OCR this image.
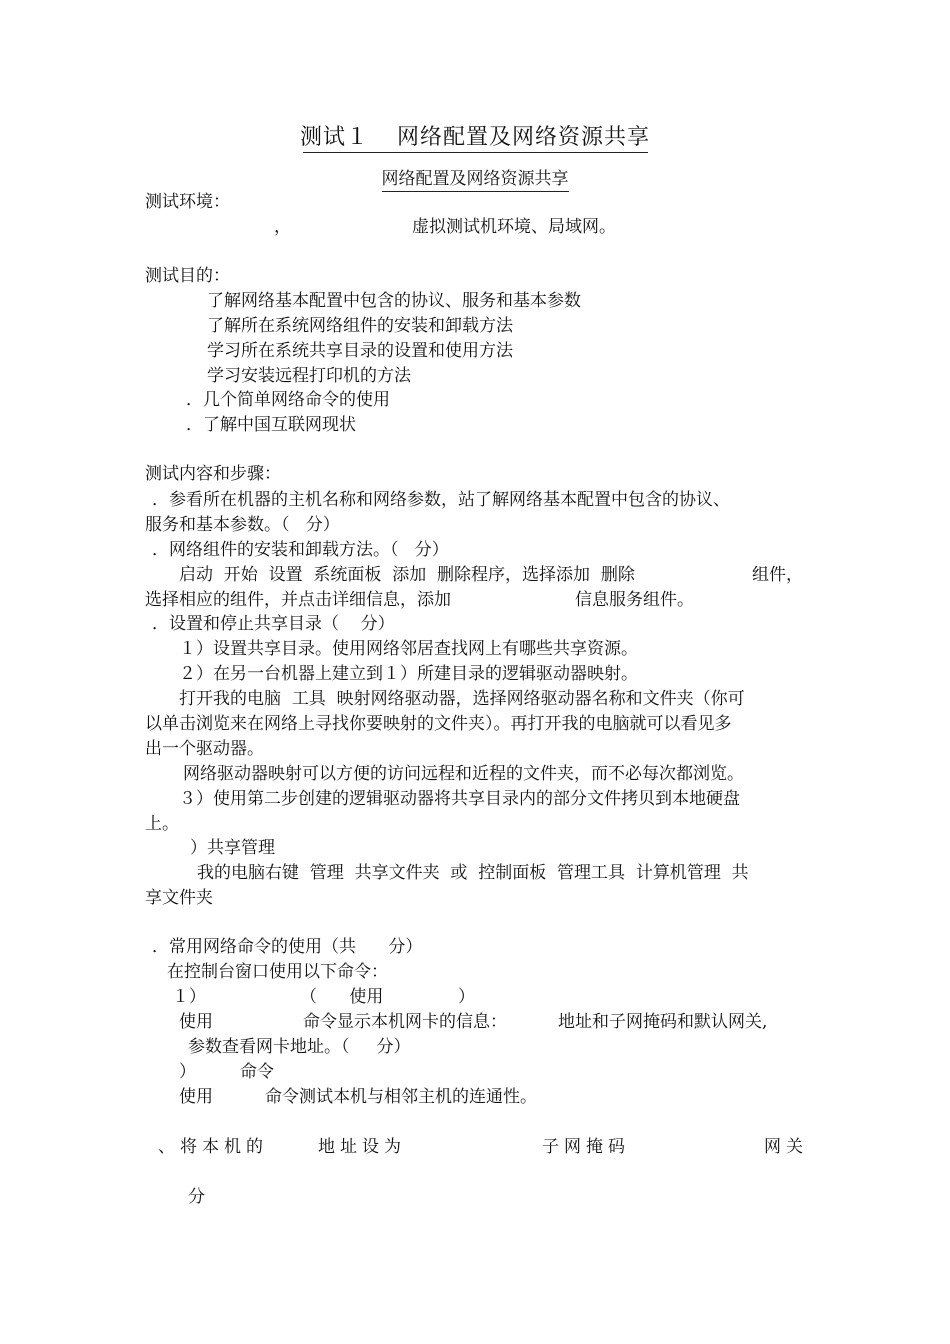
测试１ 网络配置及网络资源共享
网络配置及网络资源共享
测试环境：
，	虚拟测试机环境、局域网。
测试目的：
了解网络基本配置中包含的协议、服务和基本参数
了解所在系统网络组件的安装和卸载方法
学习所在系统共享目录的设置和使用方法
学习安装远程打印机的方法
．几个简单网络命令的使用
．了解中国互联网现状
测试内容和步骤：
．参看所在机器的主机名称和网络参数，站了解网络基本配置中包含的协议、
服务和基本参数。（   分）
．网络组件的安装和卸载方法。（   分）
启动  开始  设置  系统面板  添加  删除程序，选择添加  删除	组件，
选择相应的组件，并点击详细信息，添加	信息服务组件。
．设置和停止共享目录（    分）
１）设置共享目录。使用网络邻居查找网上有哪些共享资源。
２）在另一台机器上建立到１）所建目录的逻辑驱动器映射。
打开我的电脑  工具  映射网络驱动器，选择网络驱动器名称和文件夹（你可
以单击浏览来在网络上寻找你要映射的文件夹）。再打开我的电脑就可以看见多
出一个驱动器。
网络驱动器映射可以方便的访问远程和近程的文件夹，而不必每次都浏览。
３）使用第二步创建的逻辑驱动器将共享目录内的部分文件拷贝到本地硬盘
上。
）共享管理
我的电脑右键  管理  共享文件夹  或  控制面板  管理工具  计算机管理  共
享文件夹
．常用网络命令的使用（共      分）
在控制台窗口使用以下命令：
１）	（      使用	）
使用	命令显示本机网卡的信息：	地址和子网掩码和默认网关,
参数查看网卡地址。（     分）
）	命令
使用	命令测试本机与相邻主机的连通性。
、将本机的	地址设为	子网掩码	网关
分
